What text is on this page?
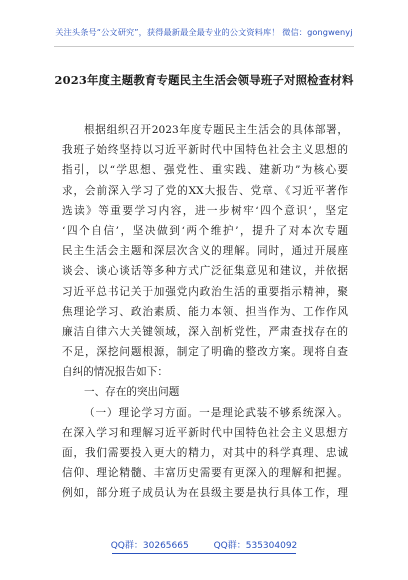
关注头条号“公文研究”，获得最新最全最专业的公文资料库！ 微信：gongwenyj
2023年度主题教育专题民主生活会领导班子对照检查材料
根据组织召开2023年度专题民主生活会的具体部署，
我班子始终坚持以习近平新时代中国特色社会主义思想的
指引，以“学思想、强党性、重实践、建新功”为核心要
求，会前深入学习了党的XX大报告、党章、《习近平著作
选读》等重要学习内容，进一步树牢‘四个意识’，坚定
‘四个自信’，坚决做到‘两个维护’，提升了对本次专题
民主生活会主题和深层次含义的理解。同时，通过开展座
谈会、谈心谈话等多种方式广泛征集意见和建议，并依据
习近平总书记关于加强党内政治生活的重要指示精神，聚
焦理论学习、政治素质、能力本领、担当作为、工作作风
廉洁自律六大关键领域，深入剖析党性，严肃查找存在的
不足，深挖问题根源，制定了明确的整改方案。现将自查
自纠的情况报告如下：
一、存在的突出问题
（一）理论学习方面。一是理论武装不够系统深入。
在深入学习和理解习近平新时代中国特色社会主义思想方
面，我们需要投入更大的精力，对其中的科学真理、忠诚
信仰、理论精髓、丰富历史需要有更深入的理解和把握。
例如，部分班子成员认为在县级主要是执行具体工作，理
QQ群：30265665	QQ群：535304092
